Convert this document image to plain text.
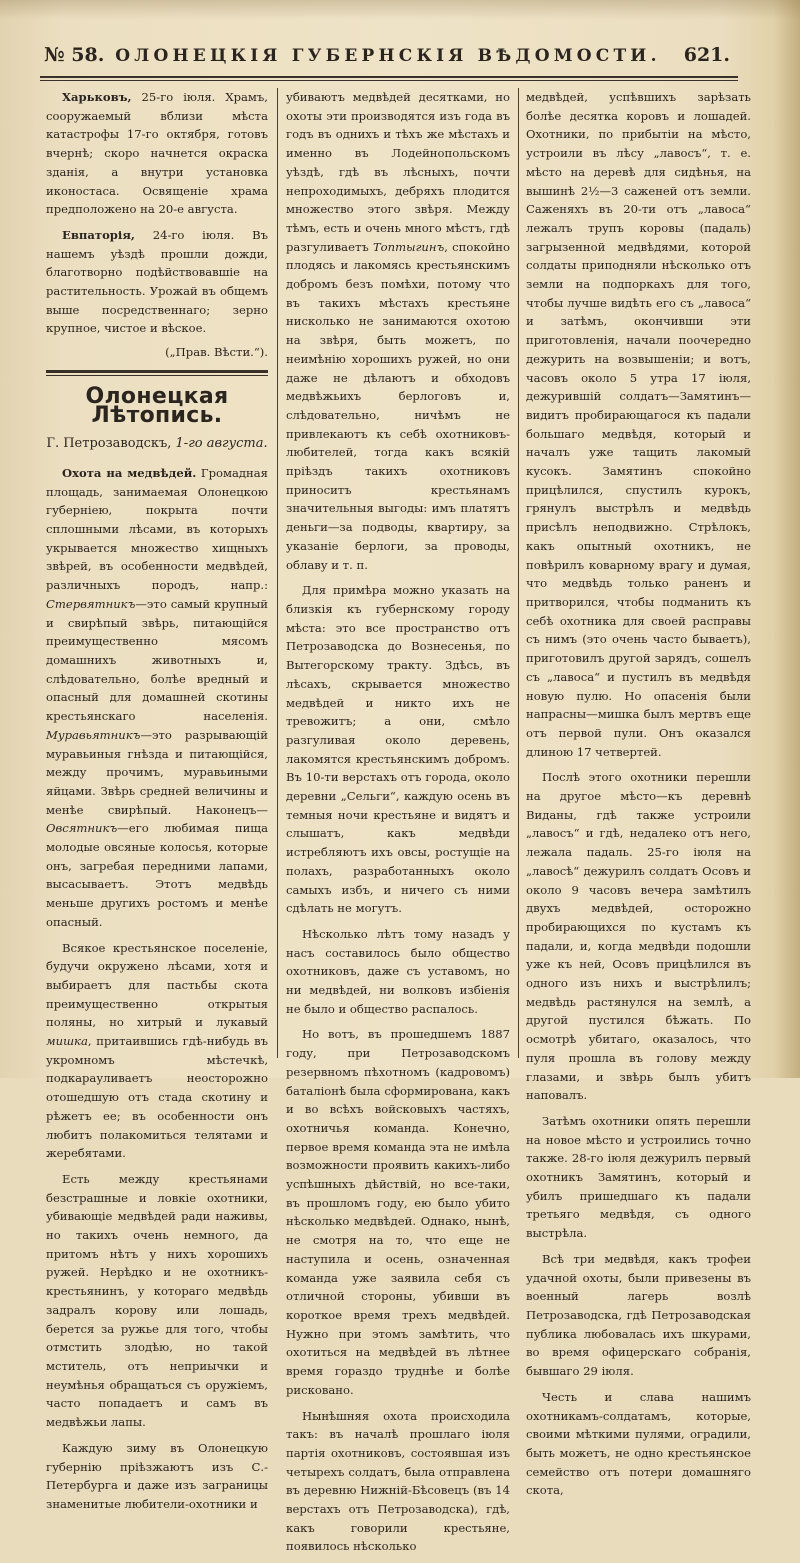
№ 58. ОЛОНЕЦКІЯ ГУБЕРНСКІЯ ВѢДОМОСТИ.	621.

Харьковъ, 25-го іюля. Храмъ, сооружаемый вблизи мѣста катастрофы 17-го октября, готовъ вчернѣ; скоро начнется окраска зданія, а внутри установка иконостаса. Освященіе храма предположено на 20-е августа.

Евпаторія, 24-го іюля. Въ нашемъ уѣздѣ прошли дожди, благотворно подѣйствовавшіе на растительность. Урожай въ общемъ выше посредственнаго; зерно крупное, чистое и вѣское.

(„Прав. Вѣсти.“).
Олонецкая Лѣтопись.
Г. Петрозаводскъ, 1-го августа.

Охота на медвѣдей. Громадная площадь, занимаемая Олонецкою губерніею, покрыта почти сплошными лѣсами, въ которыхъ укрывается множество хищныхъ звѣрей, въ особенности медвѣдей, различныхъ породъ, напр.: Стервятникъ—это самый крупный и свирѣпый звѣрь, питающійся преимущественно мясомъ домашнихъ животныхъ и, слѣдовательно, болѣе вредный и опасный для домашней скотины крестьянскаго населенія. Муравьятникъ—это разрывающій муравьиныя гнѣзда и питающійся, между прочимъ, муравьиными яйцами. Звѣрь средней величины и менѣе свирѣпый. Наконецъ—Овсятникъ—его любимая пища молодые овсяные колосья, которые онъ, загребая передними лапами, высасываетъ. Этотъ медвѣдь меньше другихъ ростомъ и менѣе опасный.

Всякое крестьянское поселеніе, будучи окружено лѣсами, хотя и выбираетъ для пастьбы скота преимущественно открытыя поляны, но хитрый и лукавый мишка, притаившись гдѣ-нибудь въ укромномъ мѣстечкѣ, подкарауливаетъ неосторожно отошедшую отъ стада скотину и рѣжетъ ее; въ особенности онъ любитъ полакомиться телятами и жеребятами.

Есть между крестьянами безстрашные и ловкіе охотники, убивающіе медвѣдей ради наживы, но такихъ очень немного, да притомъ нѣтъ у нихъ хорошихъ ружей. Нерѣдко и не охотникъ-крестьянинъ, у котораго медвѣдь задралъ корову или лошадь, берется за ружье для того, чтобы отмстить злодѣю, но такой мститель, отъ неприычки и неумѣнья обращаться съ оружіемъ, часто попадаетъ и самъ въ медвѣжьи лапы.

Каждую зиму въ Олонецкую губернію пріѣзжаютъ изъ С.-Петербурга и даже изъ заграницы знаменитые любители-охотники и

убиваютъ медвѣдей десятками, но охоты эти производятся изъ года въ годъ въ однихъ и тѣхъ же мѣстахъ и именно въ Лодейнопольскомъ уѣздѣ, гдѣ въ лѣсныхъ, почти непроходимыхъ, дебряхъ плодится множество этого звѣря. Между тѣмъ, есть и очень много мѣстъ, гдѣ разгуливаетъ Топтыгинъ, спокойно плодясь и лакомясь крестьянскимъ добромъ безъ помѣхи, потому что въ такихъ мѣстахъ крестьяне нисколько не занимаются охотою на звѣря, быть можетъ, по неимѣнію хорошихъ ружей, но они даже не дѣлаютъ и обходовъ медвѣжьихъ берлоговъ и, слѣдовательно, ничѣмъ не привлекаютъ къ себѣ охотниковъ-любителей, тогда какъ всякій пріѣздъ такихъ охотниковъ приноситъ крестьянамъ значительныя выгоды: имъ платятъ деньги—за подводы, квартиру, за указаніе берлоги, за проводы, облаву и т. п.

Для примѣра можно указать на близкія къ губернскому городу мѣста: это все пространство отъ Петрозаводска до Вознесенья, по Вытегорскому тракту. Здѣсь, въ лѣсахъ, скрывается множество медвѣдей и никто ихъ не тревожитъ; а они, смѣло разгуливая около деревень, лакомятся крестьянскимъ добромъ. Въ 10-ти верстахъ отъ города, около деревни „Сельги“, каждую осень въ темныя ночи крестьяне и видятъ и слышатъ, какъ медвѣди истребляютъ ихъ овсы, ростущіе на полахъ, разработанныхъ около самыхъ избъ, и ничего съ ними сдѣлать не могутъ.

Нѣсколько лѣтъ тому назадъ у насъ составилось было общество охотниковъ, даже съ уставомъ, но ни медвѣдей, ни волковъ избіенія не было и общество распалось.

Но вотъ, въ прошедшемъ 1887 году, при Петрозаводскомъ резервномъ пѣхотномъ (кадровомъ) баталіонѣ была сформирована, какъ и во всѣхъ войсковыхъ частяхъ, охотничья команда. Конечно, первое время команда эта не имѣла возможности проявить какихъ-либо успѣшныхъ дѣйствій, но все-таки, въ прошломъ году, ею было убито нѣсколько медвѣдей. Однако, нынѣ, не смотря на то, что еще не наступила и осень, означенная команда уже заявила себя съ отличной стороны, убивши въ короткое время трехъ медвѣдей. Нужно при этомъ замѣтить, что охотиться на медвѣдей въ лѣтнее время гораздо труднѣе и болѣе рисковано.

Нынѣшняя охота происходила такъ: въ началѣ прошлаго іюля партія охотниковъ, состоявшая изъ четырехъ солдатъ, была отправлена въ деревню Нижній-Бѣсовецъ (въ 14 верстахъ отъ Петрозаводска), гдѣ, какъ говорили крестьяне, появилось нѣсколько

медвѣдей, успѣвшихъ зарѣзать болѣе десятка коровъ и лошадей. Охотники, по прибытіи на мѣсто, устроили въ лѣсу „лавосъ“, т. е. мѣсто на деревѣ для сидѣнья, на вышинѣ 2½—3 саженей отъ земли. Саженяхъ въ 20-ти отъ „лавоса“ лежалъ трупъ коровы (падаль) загрызенной медвѣдями, которой солдаты приподняли нѣсколько отъ земли на подпоркахъ для того, чтобы лучше видѣть его съ „лавоса“ и затѣмъ, окончивши эти приготовленія, начали поочередно дежурить на возвышеніи; и вотъ, часовъ около 5 утра 17 іюля, дежурившій солдатъ—Замятинъ—видитъ пробирающагося къ падали большаго медвѣдя, который и началъ уже тащить лакомый кусокъ. Замятинъ спокойно прицѣлился, спустилъ курокъ, грянулъ выстрѣлъ и медвѣдь присѣлъ неподвижно. Стрѣлокъ, какъ опытный охотникъ, не повѣрилъ коварному врагу и думая, что медвѣдь только раненъ и притворился, чтобы подманить къ себѣ охотника для своей расправы съ нимъ (это очень часто бываетъ), приготовилъ другой зарядъ, сошелъ съ „лавоса“ и пустилъ въ медвѣдя новую пулю. Но опасенія были напрасны—мишка былъ мертвъ еще отъ первой пули. Онъ оказался длиною 17 четвертей.

Послѣ этого охотники перешли на другое мѣсто—къ деревнѣ Виданы, гдѣ также устроили „лавосъ“ и гдѣ, недалеко отъ него, лежала падаль. 25-го іюля на „лавосѣ“ дежурилъ солдатъ Осовъ и около 9 часовъ вечера замѣтилъ двухъ медвѣдей, осторожно пробирающихся по кустамъ къ падали, и, когда медвѣди подошли уже къ ней, Осовъ прицѣлился въ одного изъ нихъ и выстрѣлилъ; медвѣдь растянулся на землѣ, а другой пустился бѣжать. По осмотрѣ убитаго, оказалось, что пуля прошла въ голову между глазами, и звѣрь былъ убитъ наповалъ.

Затѣмъ охотники опять перешли на новое мѣсто и устроились точно также. 28-го іюля дежурилъ первый охотникъ Замятинъ, который и убилъ пришедшаго къ падали третьяго медвѣдя, съ одного выстрѣла.

Всѣ три медвѣдя, какъ трофеи удачной охоты, были привезены въ военный лагерь возлѣ Петрозаводска, гдѣ Петрозаводская публика любовалась ихъ шкурами, во время офицерскаго собранія, бывшаго 29 іюля.

Честь и слава нашимъ охотникамъ-солдатамъ, которые, своими мѣткими пулями, оградили, быть можетъ, не одно крестьянское семейство отъ потери домашняго скота,
